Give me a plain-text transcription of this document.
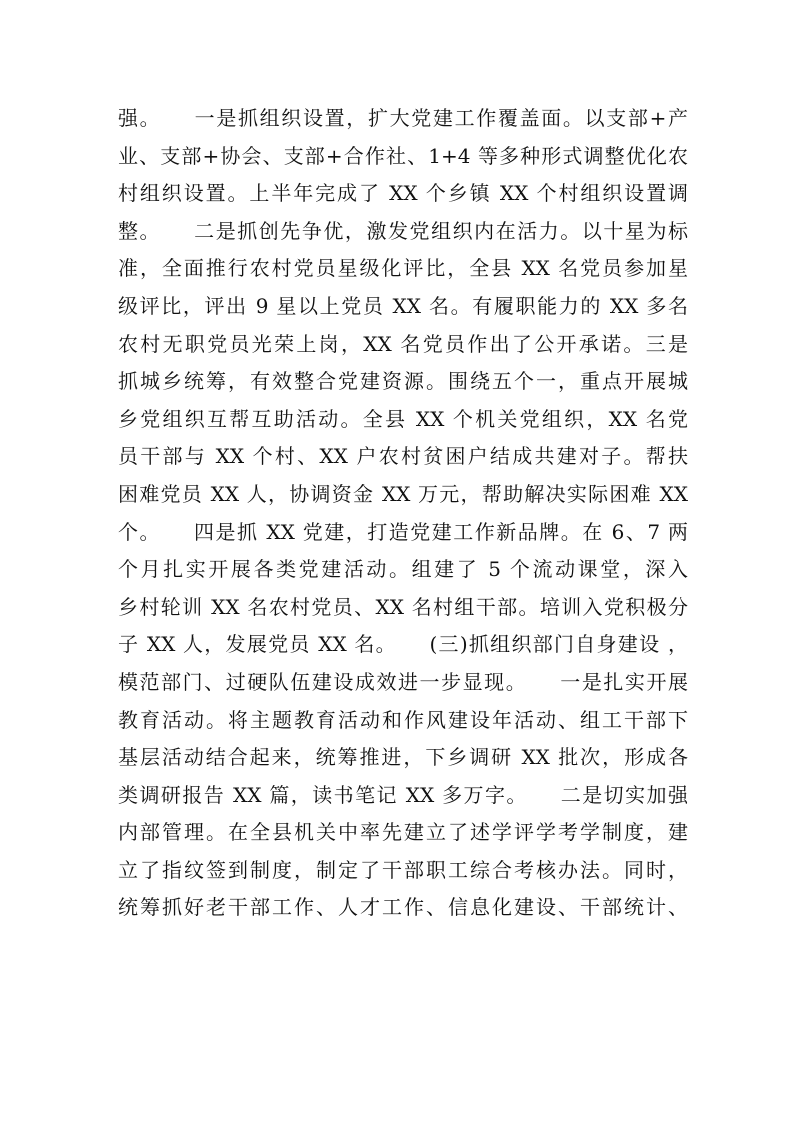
强。　　一是抓组织设置，扩大党建工作覆盖面。以支部+产
业、支部+协会、支部+合作社、1+4 等多种形式调整优化农
村组织设置。上半年完成了 XX 个乡镇 XX 个村组织设置调
整。　　二是抓创先争优，激发党组织内在活力。以十星为标
准，全面推行农村党员星级化评比，全县 XX 名党员参加星
级评比，评出 9 星以上党员 XX 名。有履职能力的 XX 多名
农村无职党员光荣上岗，XX 名党员作出了公开承诺。三是
抓城乡统筹，有效整合党建资源。围绕五个一，重点开展城
乡党组织互帮互助活动。全县 XX 个机关党组织，XX 名党
员干部与 XX 个村、XX 户农村贫困户结成共建对子。帮扶
困难党员 XX 人，协调资金 XX 万元，帮助解决实际困难 XX
个。　　四是抓 XX 党建，打造党建工作新品牌。在 6、7 两
个月扎实开展各类党建活动。组建了 5 个流动课堂，深入
乡村轮训 XX 名农村党员、XX 名村组干部。培训入党积极分
子 XX 人，发展党员 XX 名。　　(三)抓组织部门自身建设 ，
模范部门、过硬队伍建设成效进一步显现。　　一是扎实开展
教育活动。将主题教育活动和作风建设年活动、组工干部下
基层活动结合起来，统筹推进，下乡调研 XX 批次，形成各
类调研报告 XX 篇，读书笔记 XX 多万字。　　二是切实加强
内部管理。在全县机关中率先建立了述学评学考学制度，建
立了指纹签到制度，制定了干部职工综合考核办法。同时，
统筹抓好老干部工作、人才工作、信息化建设、干部统计、
